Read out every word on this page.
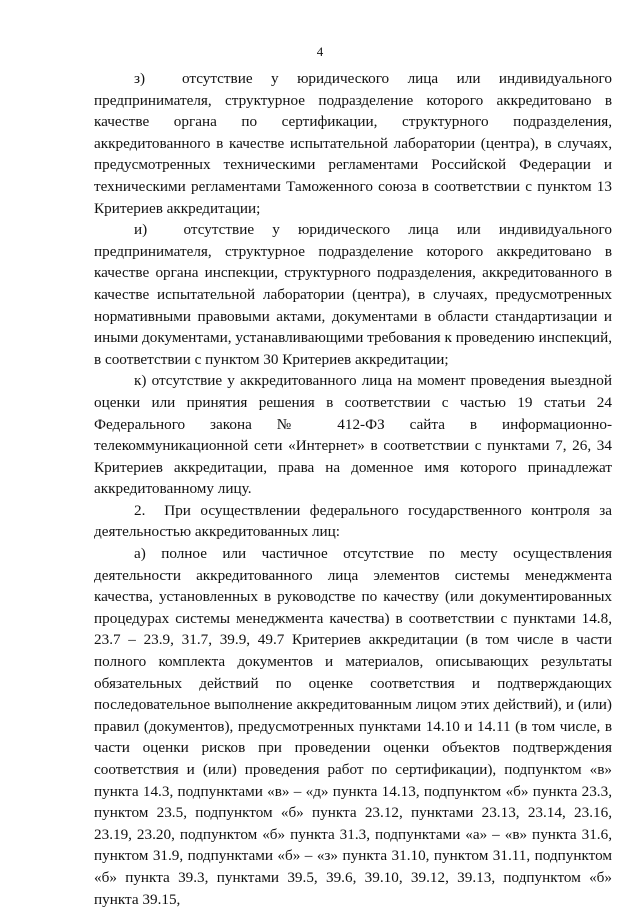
4

з)  отсутствие у юридического лица или индивидуального предпринимателя, структурное подразделение которого аккредитовано в качестве органа по сертификации, структурного подразделения, аккредитованного в качестве испытательной лаборатории (центра), в случаях, предусмотренных техническими регламентами Российской Федерации и техническими регламентами Таможенного союза в соответствии с пунктом 13 Критериев аккредитации;

и)  отсутствие у юридического лица или индивидуального предпринимателя, структурное подразделение которого аккредитовано в качестве органа инспекции, структурного подразделения, аккредитованного в качестве испытательной лаборатории (центра), в случаях, предусмотренных нормативными правовыми актами, документами в области стандартизации и иными документами, устанавливающими требования к проведению инспекций, в соответствии с пунктом 30 Критериев аккредитации;

к) отсутствие у аккредитованного лица на момент проведения выездной оценки или принятия решения в соответствии с частью 19 статьи 24 Федерального закона № 412-ФЗ сайта в информационно-телекоммуникационной сети «Интернет» в соответствии с пунктами 7, 26, 34 Критериев аккредитации, права на доменное имя которого принадлежат аккредитованному лицу.

2.  При осуществлении федерального государственного контроля за деятельностью аккредитованных лиц:

а) полное или частичное отсутствие по месту осуществления деятельности аккредитованного лица элементов системы менеджмента качества, установленных в руководстве по качеству (или документированных процедурах системы менеджмента качества) в соответствии с пунктами 14.8, 23.7 – 23.9, 31.7, 39.9, 49.7 Критериев аккредитации (в том числе в части полного комплекта документов и материалов, описывающих результаты обязательных действий по оценке соответствия и подтверждающих последовательное выполнение аккредитованным лицом этих действий), и (или) правил (документов), предусмотренных пунктами 14.10 и 14.11 (в том числе, в части оценки рисков при проведении оценки объектов подтверждения соответствия и (или) проведения работ по сертификации), подпунктом «в» пункта 14.3, подпунктами «в» – «д» пункта 14.13, подпунктом «б» пункта 23.3, пунктом 23.5, подпунктом «б» пункта 23.12, пунктами 23.13, 23.14, 23.16, 23.19, 23.20, подпунктом «б» пункта 31.3, подпунктами «а» – «в» пункта 31.6, пунктом 31.9, подпунктами «б» – «з» пункта 31.10, пунктом 31.11, подпунктом «б» пункта 39.3, пунктами 39.5, 39.6, 39.10, 39.12, 39.13, подпунктом «б» пункта 39.15,
